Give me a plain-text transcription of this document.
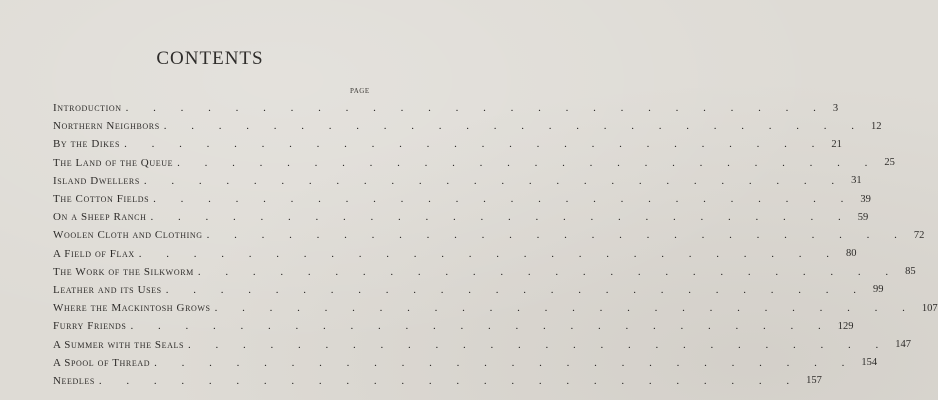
CONTENTS
PAGE
Introduction . . . . . . . . . . . . . . . . . . . . . . . . . . 3
Northern Neighbors . . . . . . . . . . . . . . . . . . . . . . . . . . 12
By the Dikes . . . . . . . . . . . . . . . . . . . . . . . . . . 21
The Land of the Queue . . . . . . . . . . . . . . . . . . . . . . . . . . 25
Island Dwellers . . . . . . . . . . . . . . . . . . . . . . . . . . 31
The Cotton Fields . . . . . . . . . . . . . . . . . . . . . . . . . . 39
On a Sheep Ranch . . . . . . . . . . . . . . . . . . . . . . . . . . 59
Woolen Cloth and Clothing . . . . . . . . . . . . . . . . . . . . . . . . . . 72
A Field of Flax . . . . . . . . . . . . . . . . . . . . . . . . . . 80
The Work of the Silkworm . . . . . . . . . . . . . . . . . . . . . . . . . . 85
Leather and its Uses . . . . . . . . . . . . . . . . . . . . . . . . . . 99
Where the Mackintosh Grows . . . . . . . . . . . . . . . . . . . . . . . . . . 107
Furry Friends . . . . . . . . . . . . . . . . . . . . . . . . . . 129
A Summer with the Seals . . . . . . . . . . . . . . . . . . . . . . . . . . 147
A Spool of Thread . . . . . . . . . . . . . . . . . . . . . . . . . . 154
Needles . . . . . . . . . . . . . . . . . . . . . . . . . . 157
